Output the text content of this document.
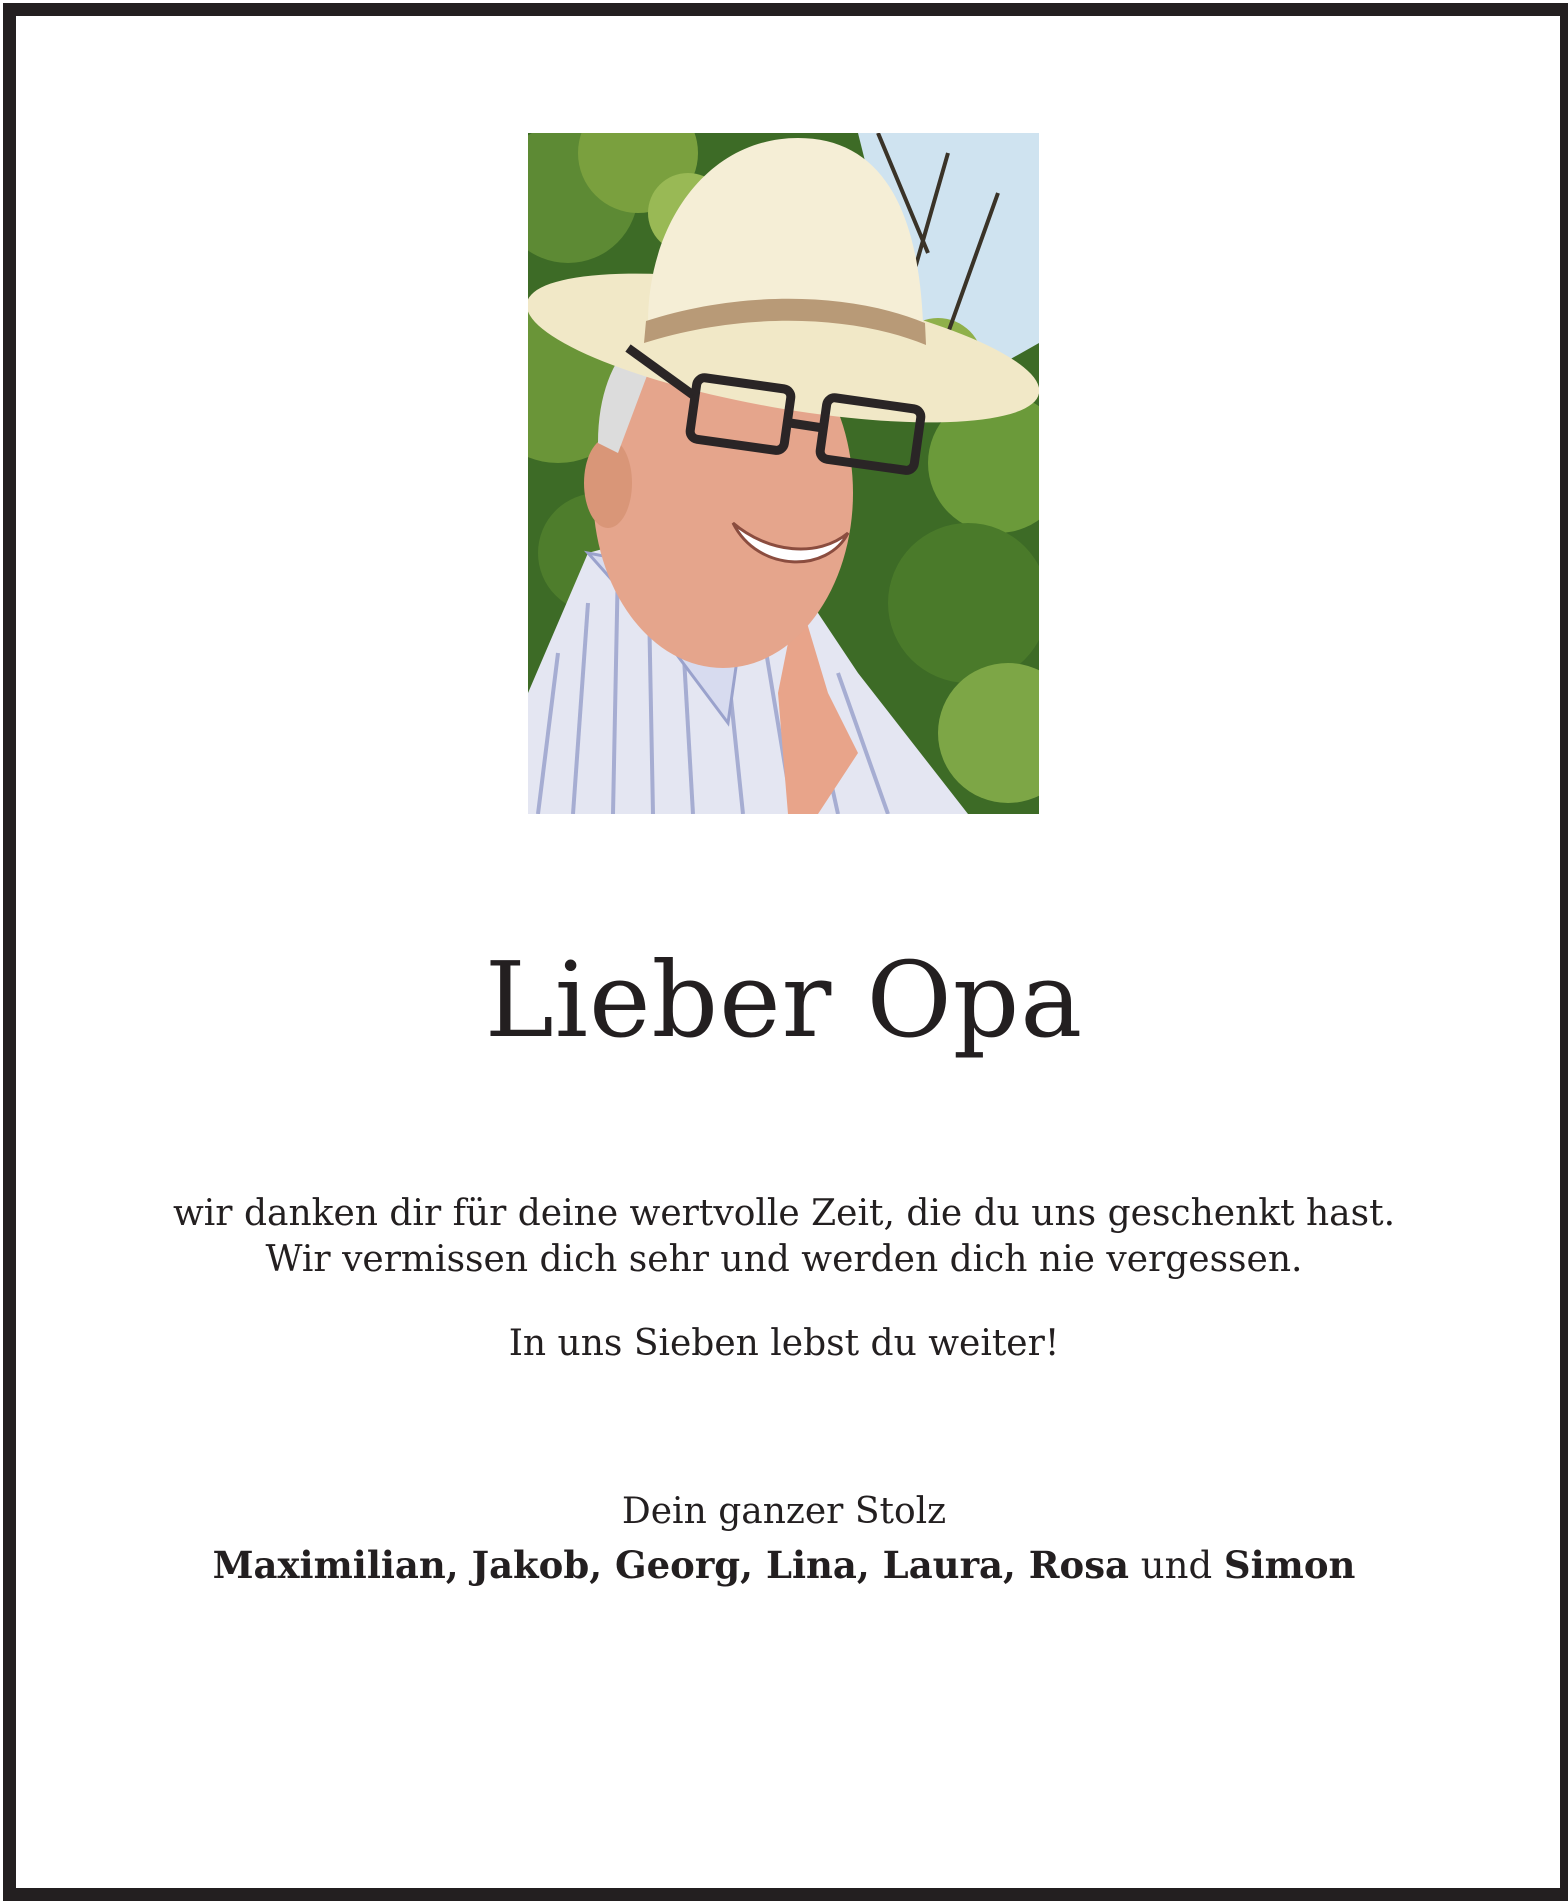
Lieber Opa

wir danken dir für deine wertvolle Zeit, die du uns geschenkt hast.

Wir vermissen dich sehr und werden dich nie vergessen.

In uns Sieben lebst du weiter!

Dein ganzer Stolz

Maximilian, Jakob, Georg, Lina, Laura, Rosa und Simon
